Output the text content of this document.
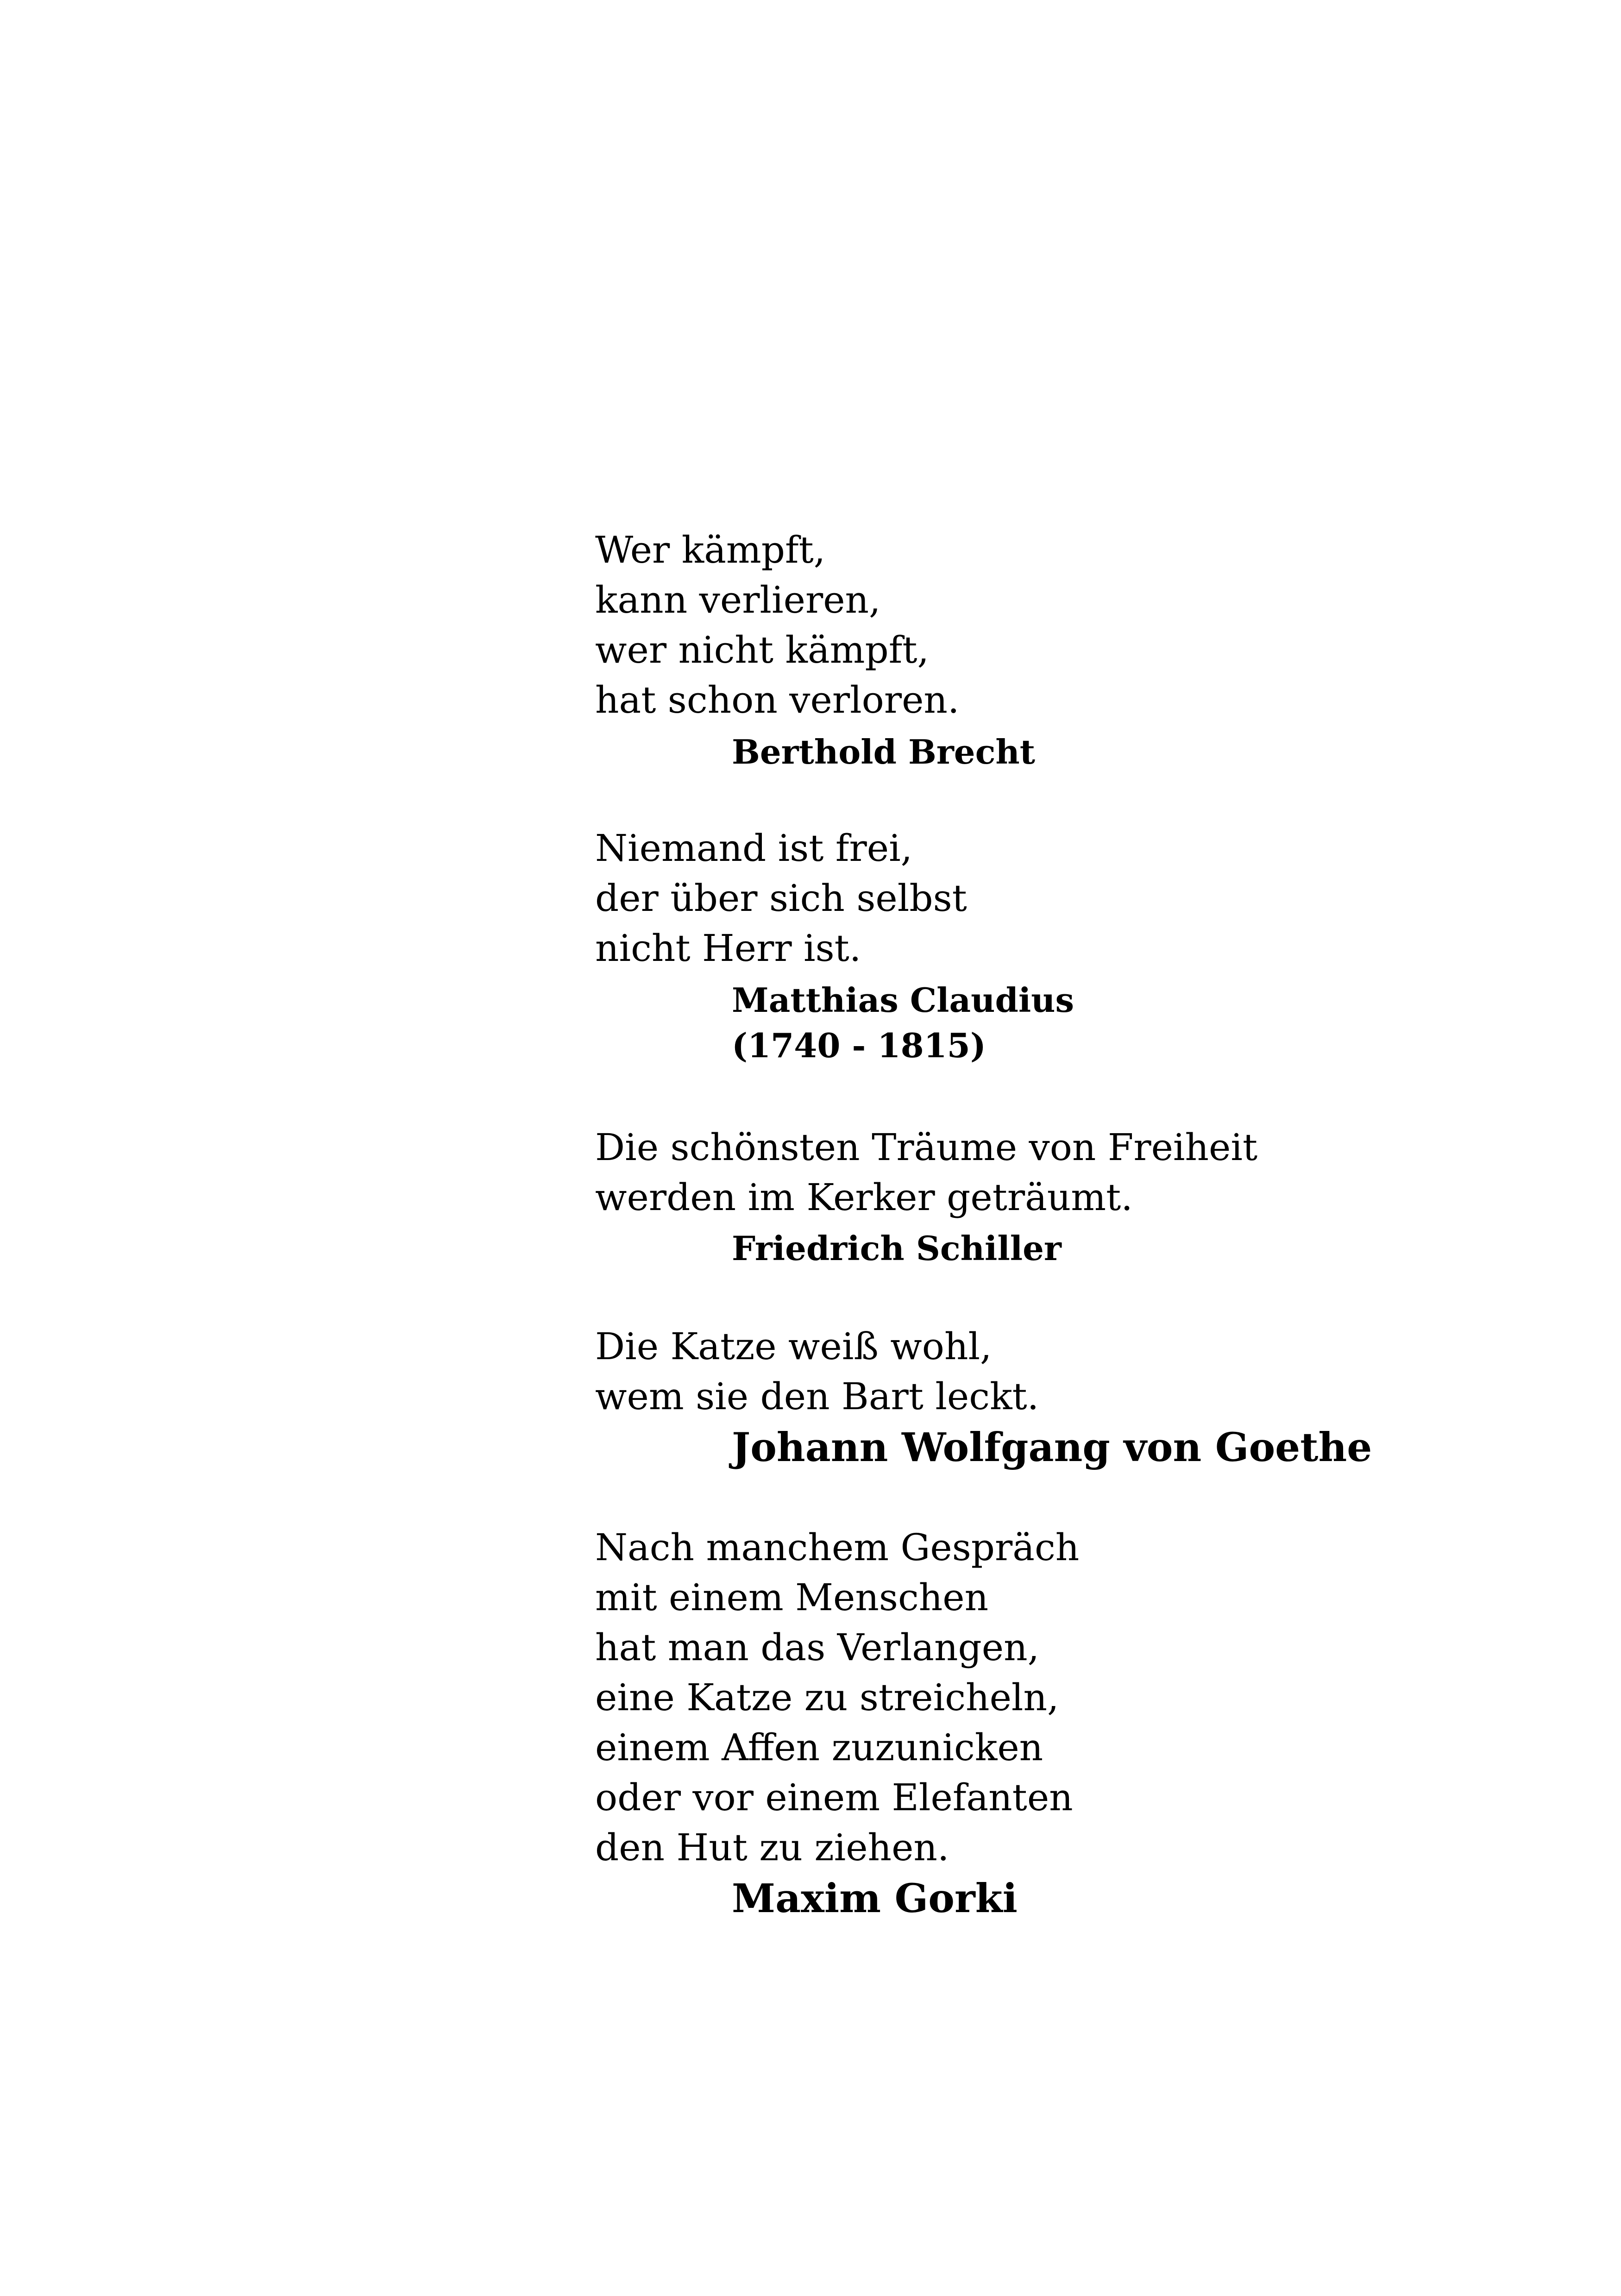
Wer kämpft,
kann verlieren,
wer nicht kämpft,
hat schon verloren.
Berthold Brecht
Niemand ist frei,
der über sich selbst
nicht Herr ist.
Matthias Claudius
(1740 - 1815)
Die schönsten Träume von Freiheit
werden im Kerker geträumt.
Friedrich Schiller
Die Katze weiß wohl,
wem sie den Bart leckt.
Johann Wolfgang von Goethe
Nach manchem Gespräch
mit einem Menschen
hat man das Verlangen,
eine Katze zu streicheln,
einem Affen zuzunicken
oder vor einem Elefanten
den Hut zu ziehen.
Maxim Gorki
